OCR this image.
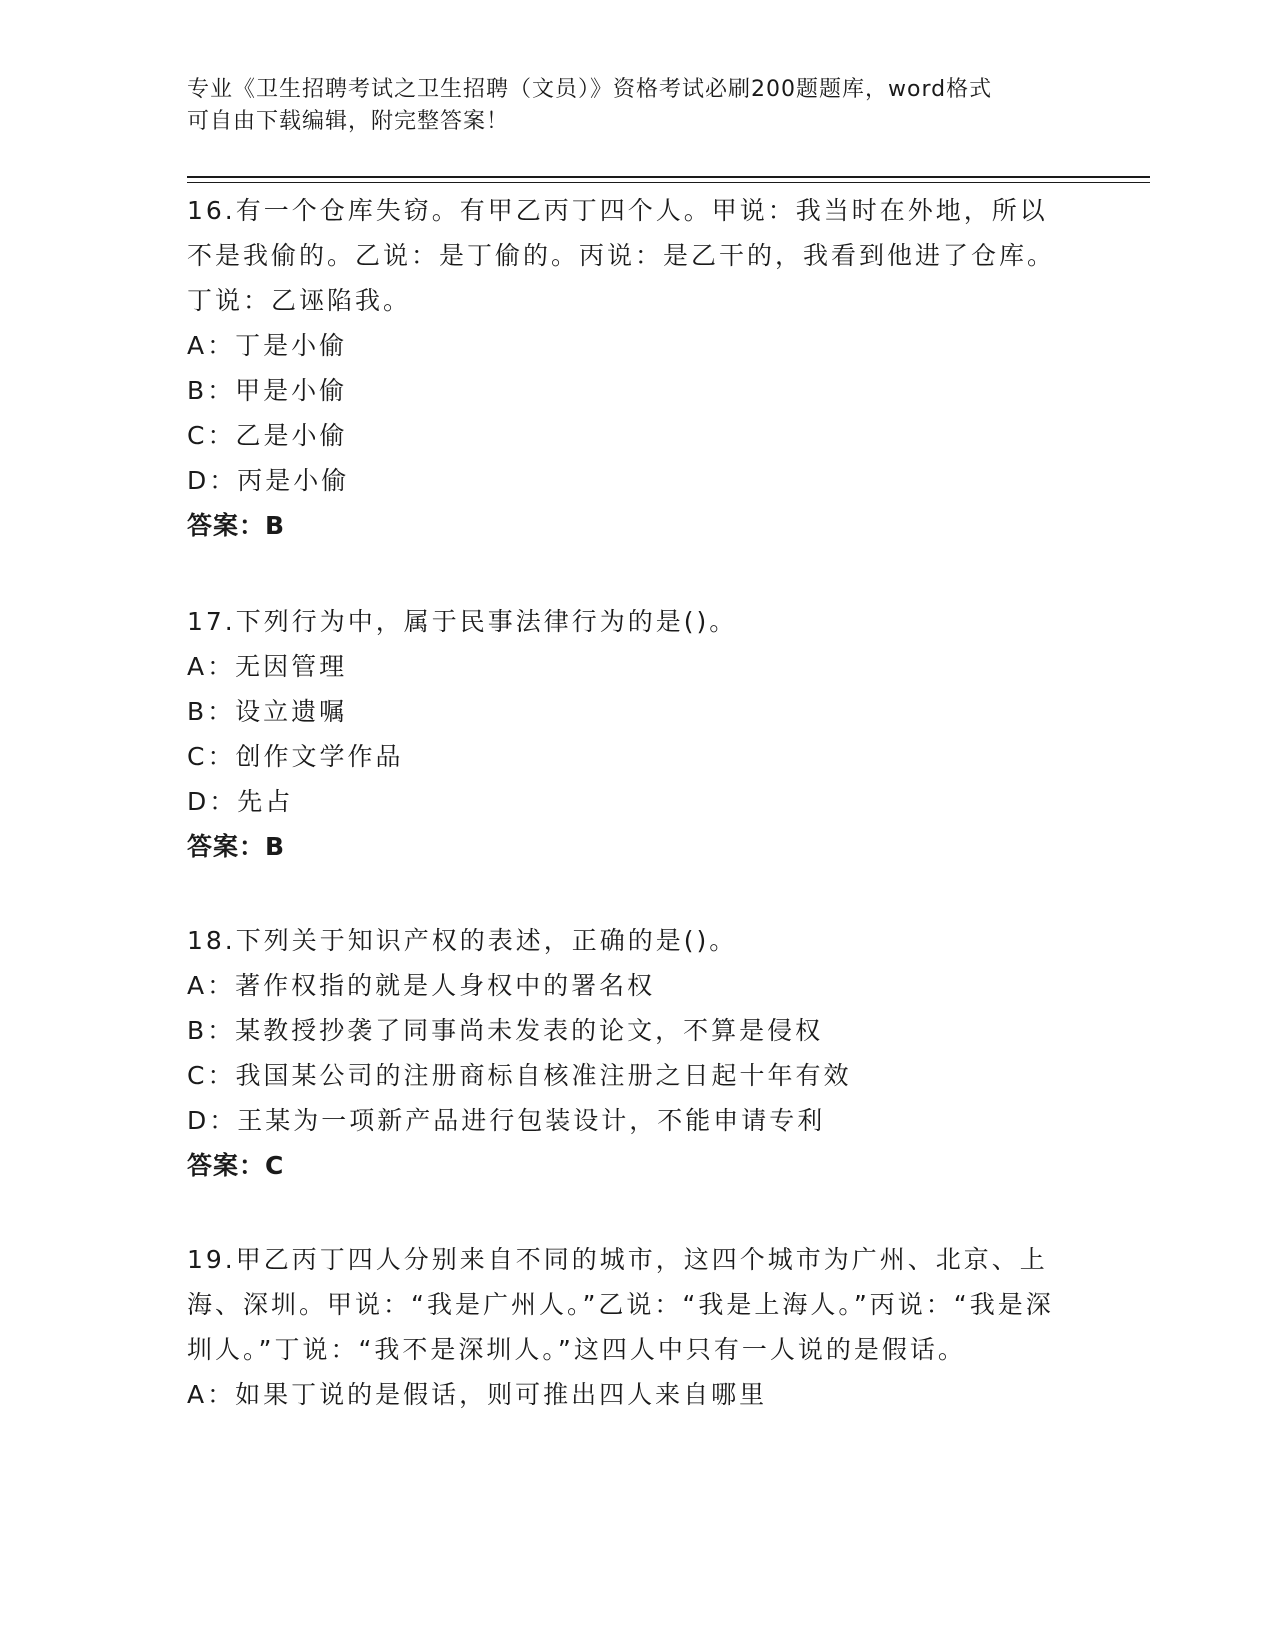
专业《卫生招聘考试之卫生招聘（文员）》资格考试必刷200题题库，word格式
可自由下载编辑，附完整答案！

16.有一个仓库失窃。有甲乙丙丁四个人。甲说：我当时在外地，所以不是我偷的。乙说：是丁偷的。丙说：是乙干的，我看到他进了仓库。丁说：乙诬陷我。

A：丁是小偷

B：甲是小偷

C：乙是小偷

D：丙是小偷

答案：B

17.下列行为中，属于民事法律行为的是()。

A：无因管理

B：设立遗嘱

C：创作文学作品

D：先占

答案：B

18.下列关于知识产权的表述，正确的是()。

A：著作权指的就是人身权中的署名权

B：某教授抄袭了同事尚未发表的论文，不算是侵权

C：我国某公司的注册商标自核准注册之日起十年有效

D：王某为一项新产品进行包装设计，不能申请专利

答案：C

19.甲乙丙丁四人分别来自不同的城市，这四个城市为广州、北京、上海、深圳。甲说：“我是广州人。”乙说：“我是上海人。”丙说：“我是深圳人。”丁说：“我不是深圳人。”这四人中只有一人说的是假话。

A：如果丁说的是假话，则可推出四人来自哪里
